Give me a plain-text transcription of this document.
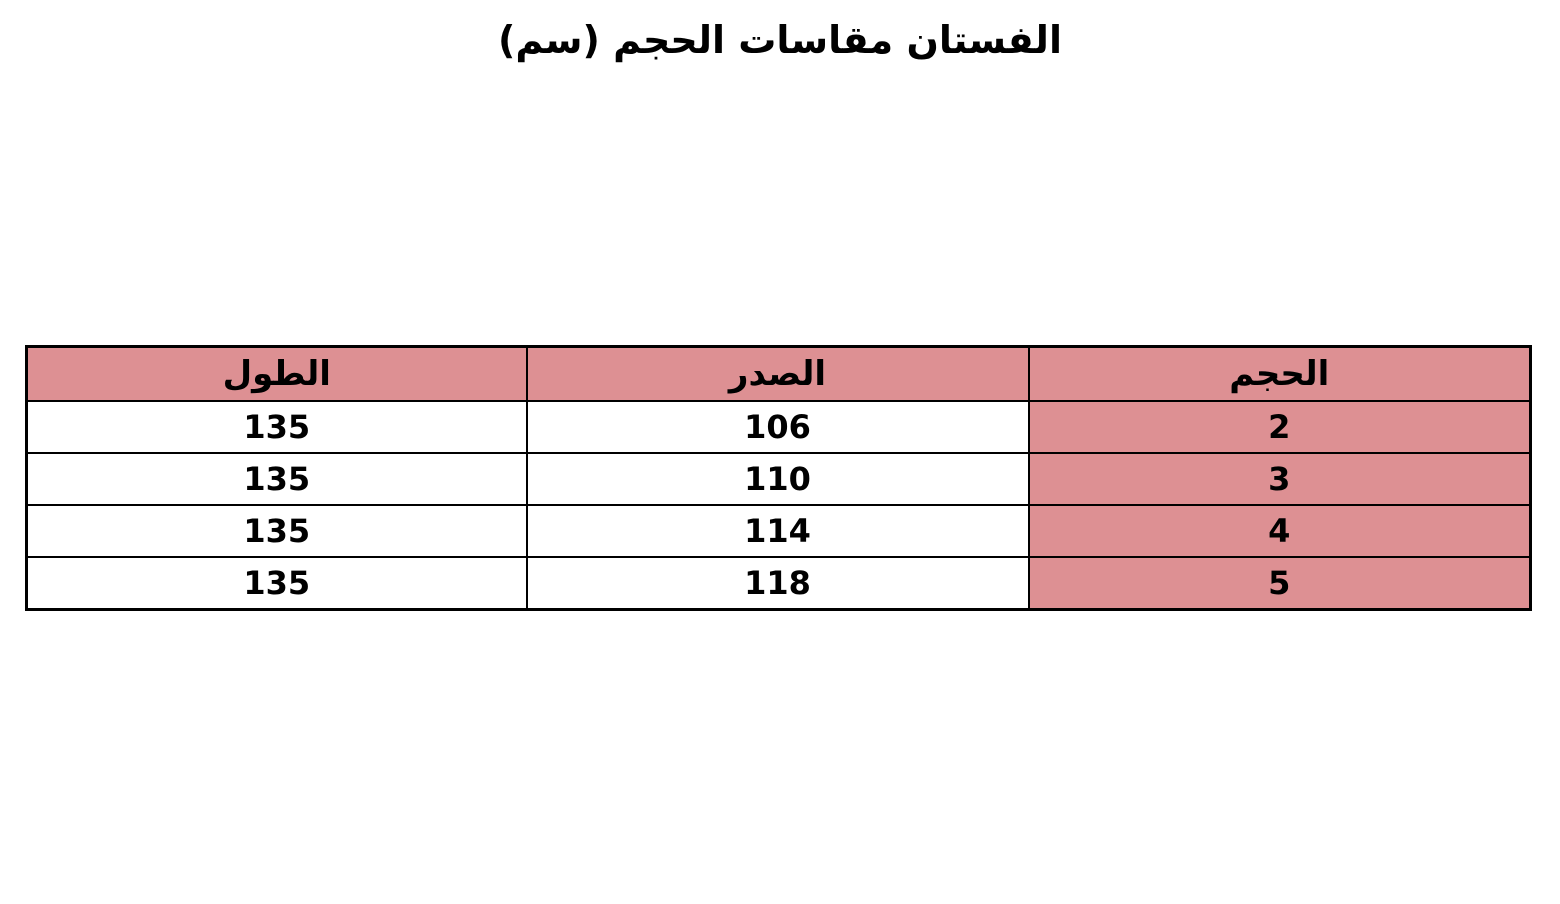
الفستان مقاسات الحجم (سم)
الحجم	الصدر	الطول
2	106	135
3	110	135
4	114	135
5	118	135
